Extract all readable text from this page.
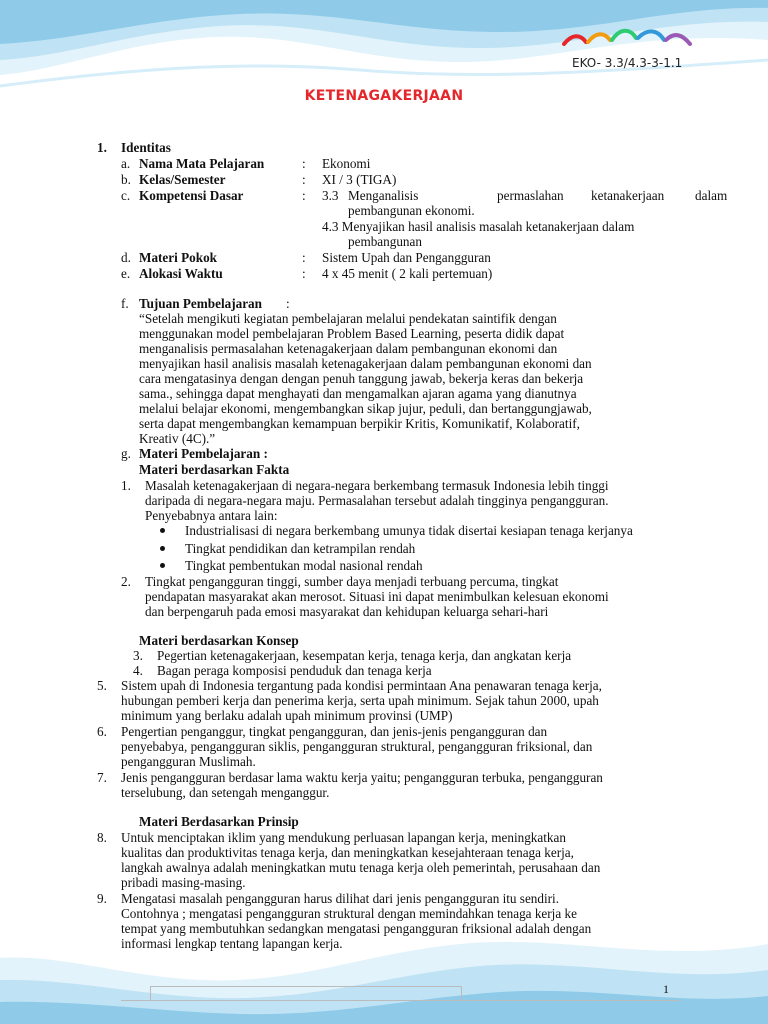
EKO- 3.3/4.3-3-1.1
KETENAGAKERJAAN
1. Identitas
a. Nama Mata Pelajaran	: Ekonomi
b. Kelas/Semester	: XI / 3 (TIGA)
c. Kompetensi Dasar	: 3.3 Menganalisis	permaslahan ketanakerjaan dalam
pembangunan ekonomi.
4.3 Menyajikan hasil analisis masalah ketanakerjaan dalam
pembangunan
d. Materi Pokok	: Sistem Upah dan Pengangguran
e. Alokasi Waktu	: 4 x 45 menit ( 2 kali pertemuan)
f. Tujuan Pembelajaran :
“Setelah mengikuti kegiatan pembelajaran melalui pendekatan saintifik dengan
menggunakan model pembelajaran Problem Based Learning, peserta didik dapat
menganalisis permasalahan ketenagakerjaan dalam pembangunan ekonomi dan
menyajikan hasil analisis masalah ketenagakerjaan dalam pembangunan ekonomi dan
cara mengatasinya dengan dengan penuh tanggung jawab, bekerja keras dan bekerja
sama., sehingga dapat menghayati dan mengamalkan ajaran agama yang dianutnya
melalui belajar ekonomi, mengembangkan sikap jujur, peduli, dan bertanggungjawab,
serta dapat mengembangkan kemampuan berpikir Kritis, Komunikatif, Kolaboratif,
Kreativ (4C).”
g. Materi Pembelajaran :
Materi berdasarkan Fakta
1. Masalah ketenagakerjaan di negara-negara berkembang termasuk Indonesia lebih tinggi
daripada di negara-negara maju. Permasalahan tersebut adalah tingginya pengangguran.
Penyebabnya antara lain:
Industrialisasi di negara berkembang umunya tidak disertai kesiapan tenaga kerjanya
Tingkat pendidikan dan ketrampilan rendah
Tingkat pembentukan modal nasional rendah
2. Tingkat pengangguran tinggi, sumber daya menjadi terbuang percuma, tingkat
pendapatan masyarakat akan merosot. Situasi ini dapat menimbulkan kelesuan ekonomi
dan berpengaruh pada emosi masyarakat dan kehidupan keluarga sehari-hari
Materi berdasarkan Konsep
3. Pegertian ketenagakerjaan, kesempatan kerja, tenaga kerja, dan angkatan kerja
4. Bagan peraga komposisi penduduk dan tenaga kerja
5. Sistem upah di Indonesia tergantung pada kondisi permintaan Ana penawaran tenaga kerja,
hubungan pemberi kerja dan penerima kerja, serta upah minimum. Sejak tahun 2000, upah
minimum yang berlaku adalah upah minimum provinsi (UMP)
6. Pengertian penganggur, tingkat pengangguran, dan jenis-jenis pengangguran dan
penyebabya, pengangguran siklis, pengangguran struktural, pengangguran friksional, dan
pengangguran Muslimah.
7. Jenis pengangguran berdasar lama waktu kerja yaitu; pengangguran terbuka, pengangguran
terselubung, dan setengah menganggur.
Materi Berdasarkan Prinsip
8. Untuk menciptakan iklim yang mendukung perluasan lapangan kerja, meningkatkan
kualitas dan produktivitas tenaga kerja, dan meningkatkan kesejahteraan tenaga kerja,
langkah awalnya adalah meningkatkan mutu tenaga kerja oleh pemerintah, perusahaan dan
pribadi masing-masing.
9. Mengatasi masalah pengangguran harus dilihat dari jenis pengangguran itu sendiri.
Contohnya ; mengatasi pengangguran struktural dengan memindahkan tenaga kerja ke
tempat yang membutuhkan sedangkan mengatasi pengangguran friksional adalah dengan
informasi lengkap tentang lapangan kerja.
1
